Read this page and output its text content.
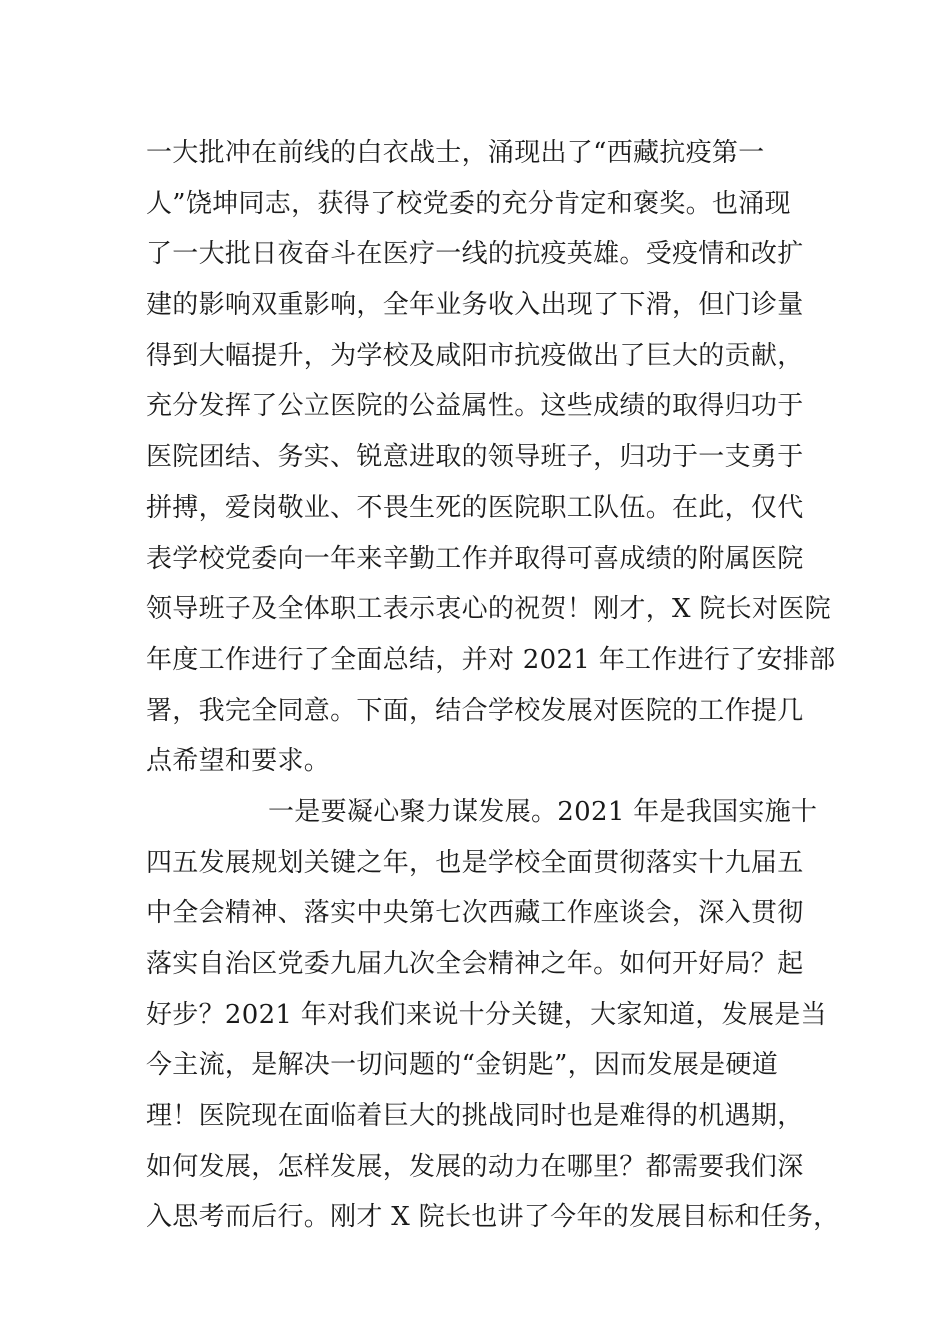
一大批冲在前线的白衣战士，涌现出了“西藏抗疫第一
人”饶坤同志，获得了校党委的充分肯定和褒奖。也涌现
了一大批日夜奋斗在医疗一线的抗疫英雄。受疫情和改扩
建的影响双重影响，全年业务收入出现了下滑，但门诊量
得到大幅提升，为学校及咸阳市抗疫做出了巨大的贡献，
充分发挥了公立医院的公益属性。这些成绩的取得归功于
医院团结、务实、锐意进取的领导班子，归功于一支勇于
拼搏，爱岗敬业、不畏生死的医院职工队伍。在此，仅代
表学校党委向一年来辛勤工作并取得可喜成绩的附属医院
领导班子及全体职工表示衷心的祝贺！刚才，X 院长对医院
年度工作进行了全面总结，并对 2021 年工作进行了安排部
署，我完全同意。下面，结合学校发展对医院的工作提几
点希望和要求。
一是要凝心聚力谋发展。2021 年是我国实施十
四五发展规划关键之年，也是学校全面贯彻落实十九届五
中全会精神、落实中央第七次西藏工作座谈会，深入贯彻
落实自治区党委九届九次全会精神之年。如何开好局？起
好步？2021 年对我们来说十分关键，大家知道，发展是当
今主流，是解决一切问题的“金钥匙”，因而发展是硬道
理！医院现在面临着巨大的挑战同时也是难得的机遇期，
如何发展，怎样发展，发展的动力在哪里？都需要我们深
入思考而后行。刚才 X 院长也讲了今年的发展目标和任务，
